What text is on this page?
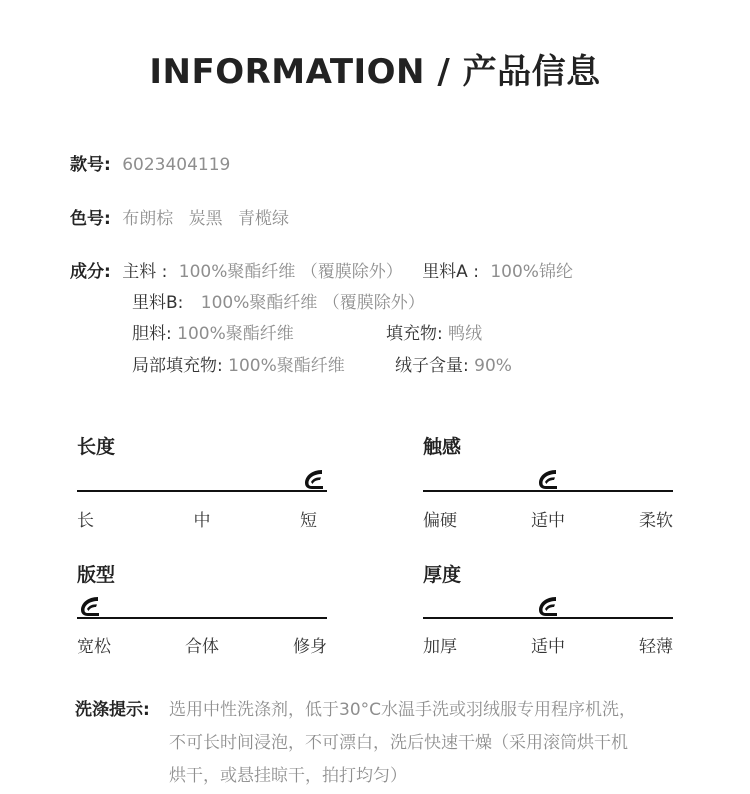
INFORMATION / 产品信息
款号: 6023404119
色号: 布朗棕 炭黑 青榄绿
成分: 主料 : 100%聚酯纤维 （覆膜除外） 里料A : 100%锦纶
里料B: 100%聚酯纤维 （覆膜除外）
胆料: 100%聚酯纤维	填充物: 鸭绒
局部填充物: 100%聚酯纤维	绒子含量: 90%
长度
长	中	短
触感
偏硬	适中	柔软
版型
宽松	合体	修身
厚度
加厚	适中	轻薄
洗涤提示: 选用中性洗涤剂，低于30°C水温手洗或羽绒服专用程序机洗，
不可长时间浸泡，不可漂白，洗后快速干燥（采用滚筒烘干机
烘干，或悬挂晾干，拍打均匀）
